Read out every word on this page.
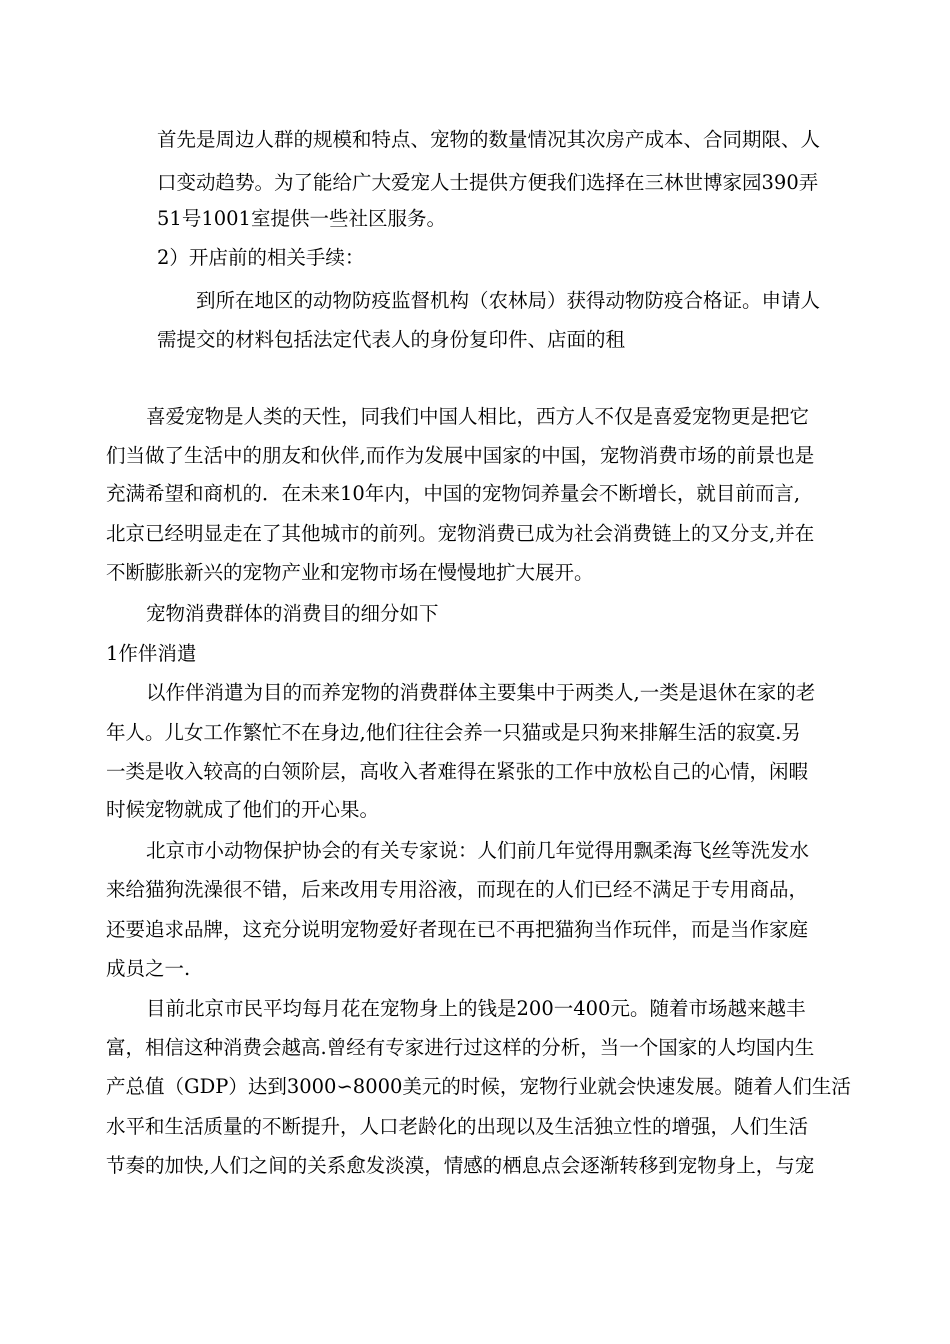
首先是周边人群的规模和特点、宠物的数量情况其次房产成本、合同期限、人
口变动趋势。为了能给广大爱宠人士提供方便我们选择在三林世博家园390弄
51号1001室提供一些社区服务。
2）开店前的相关手续：
到所在地区的动物防疫监督机构（农林局）获得动物防疫合格证。申请人
需提交的材料包括法定代表人的身份复印件、店面的租
喜爱宠物是人类的天性，同我们中国人相比，西方人不仅是喜爱宠物更是把它
们当做了生活中的朋友和伙伴,而作为发展中国家的中国，宠物消费市场的前景也是
充满希望和商机的．在未来10年内，中国的宠物饲养量会不断增长，就目前而言,
北京已经明显走在了其他城市的前列。宠物消费已成为社会消费链上的又分支,并在
不断膨胀新兴的宠物产业和宠物市场在慢慢地扩大展开。
宠物消费群体的消费目的细分如下
1作伴消遣
以作伴消遣为目的而养宠物的消费群体主要集中于两类人,一类是退休在家的老
年人。儿女工作繁忙不在身边,他们往往会养一只猫或是只狗来排解生活的寂寞.另
一类是收入较高的白领阶层，高收入者难得在紧张的工作中放松自己的心情，闲暇
时候宠物就成了他们的开心果。
北京市小动物保护协会的有关专家说：人们前几年觉得用飘柔海飞丝等洗发水
来给猫狗洗澡很不错，后来改用专用浴液，而现在的人们已经不满足于专用商品，
还要追求品牌，这充分说明宠物爱好者现在已不再把猫狗当作玩伴，而是当作家庭
成员之一.
目前北京市民平均每月花在宠物身上的钱是200一400元。随着市场越来越丰
富，相信这种消费会越高.曾经有专家进行过这样的分析，当一个国家的人均国内生
产总值（GDP）达到3000∽8000美元的时候，宠物行业就会快速发展。随着人们生活
水平和生活质量的不断提升，人口老龄化的出现以及生活独立性的增强，人们生活
节奏的加快,人们之间的关系愈发淡漠，情感的栖息点会逐渐转移到宠物身上，与宠
